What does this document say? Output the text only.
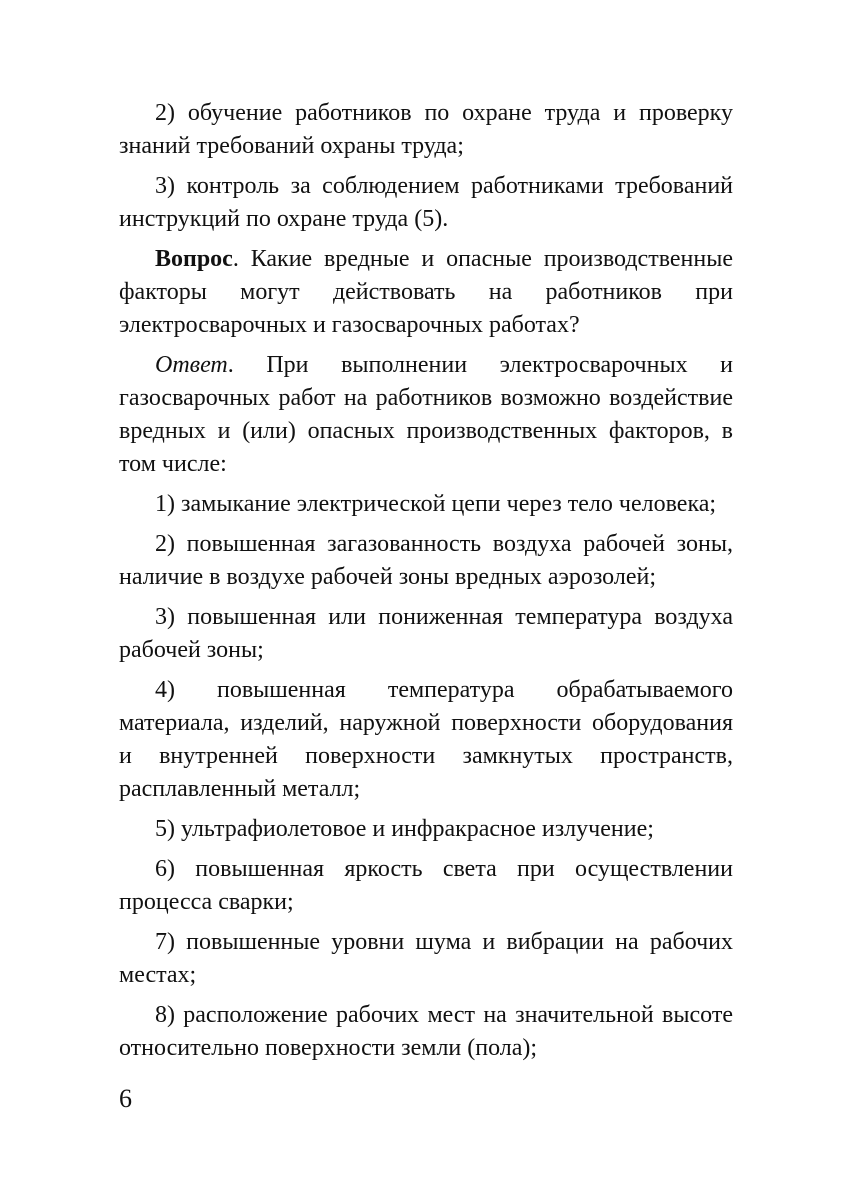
2) обучение работников по охране труда и проверку знаний требований охраны труда;

3) контроль за соблюдением работниками требований инструкций по охране труда (5).

Вопрос. Какие вредные и опасные производственные факторы могут действовать на работников при электросварочных и газосварочных работах?

Ответ. При выполнении электросварочных и газосварочных работ на работников возможно воздействие вредных и (или) опасных производственных факторов, в том числе:

1) замыкание электрической цепи через тело человека;

2) повышенная загазованность воздуха рабочей зоны, наличие в воздухе рабочей зоны вредных аэрозолей;

3) повышенная или пониженная температура воздуха рабочей зоны;

4) повышенная температура обрабатываемого материала, изделий, наружной поверхности оборудования и внутренней поверхности замкнутых пространств, расплавленный металл;

5) ультрафиолетовое и инфракрасное излучение;

6) повышенная яркость света при осуществлении процесса сварки;

7) повышенные уровни шума и вибрации на рабочих местах;

8) расположение рабочих мест на значительной высоте относительно поверхности земли (пола);

6
